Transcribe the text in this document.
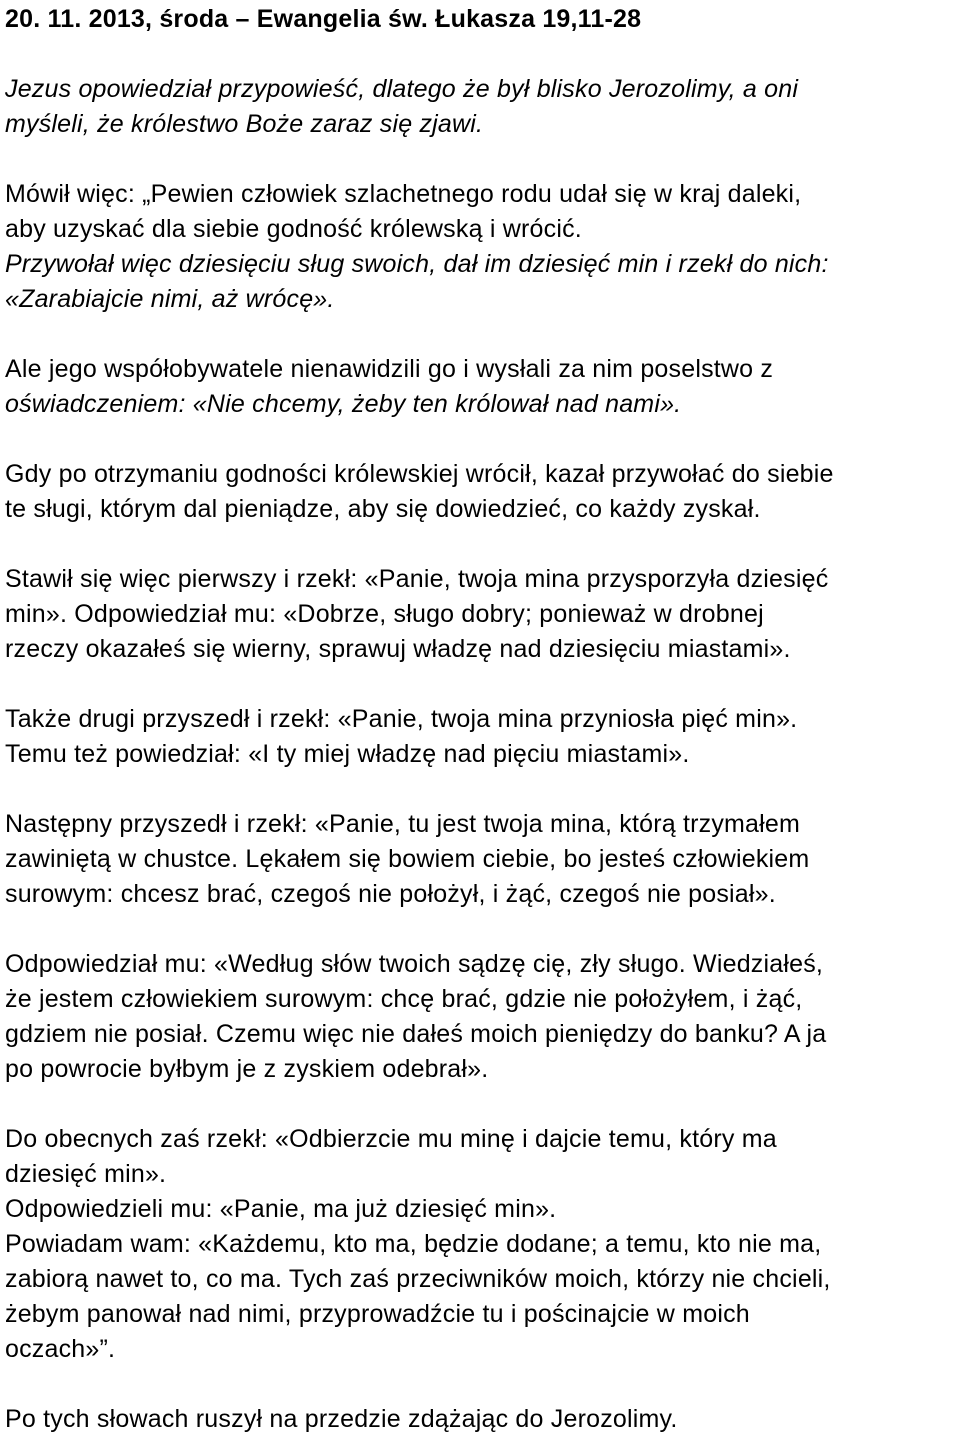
20. 11. 2013, środa – Ewangelia św. Łukasza 19,11-28
Jezus opowiedział przypowieść, dlatego że był blisko Jerozolimy, a oni
myśleli, że królestwo Boże zaraz się zjawi.
Mówił więc: „Pewien człowiek szlachetnego rodu udał się w kraj daleki,
aby uzyskać dla siebie godność królewską i wrócić.
Przywołał więc dziesięciu sług swoich, dał im dziesięć min i rzekł do nich:
«Zarabiajcie nimi, aż wrócę».
Ale jego współobywatele nienawidzili go i wysłali za nim poselstwo z
oświadczeniem: «Nie chcemy, żeby ten królował nad nami».
Gdy po otrzymaniu godności królewskiej wrócił, kazał przywołać do siebie
te sługi, którym dal pieniądze, aby się dowiedzieć, co każdy zyskał.
Stawił się więc pierwszy i rzekł: «Panie, twoja mina przysporzyła dziesięć
min». Odpowiedział mu: «Dobrze, sługo dobry; ponieważ w drobnej
rzeczy okazałeś się wierny, sprawuj władzę nad dziesięciu miastami».
Także drugi przyszedł i rzekł: «Panie, twoja mina przyniosła pięć min».
Temu też powiedział: «I ty miej władzę nad pięciu miastami».
Następny przyszedł i rzekł: «Panie, tu jest twoja mina, którą trzymałem
zawiniętą w chustce. Lękałem się bowiem ciebie, bo jesteś człowiekiem
surowym: chcesz brać, czegoś nie położył, i żąć, czegoś nie posiał».
Odpowiedział mu: «Według słów twoich sądzę cię, zły sługo. Wiedziałeś,
że jestem człowiekiem surowym: chcę brać, gdzie nie położyłem, i żąć,
gdziem nie posiał. Czemu więc nie dałeś moich pieniędzy do banku? A ja
po powrocie byłbym je z zyskiem odebrał».
Do obecnych zaś rzekł: «Odbierzcie mu minę i dajcie temu, który ma
dziesięć min».
Odpowiedzieli mu: «Panie, ma już dziesięć min».
Powiadam wam: «Każdemu, kto ma, będzie dodane; a temu, kto nie ma,
zabiorą nawet to, co ma. Tych zaś przeciwników moich, którzy nie chcieli,
żebym panował nad nimi, przyprowadźcie tu i pościnajcie w moich
oczach»”.
Po tych słowach ruszył na przedzie zdążając do Jerozolimy.
